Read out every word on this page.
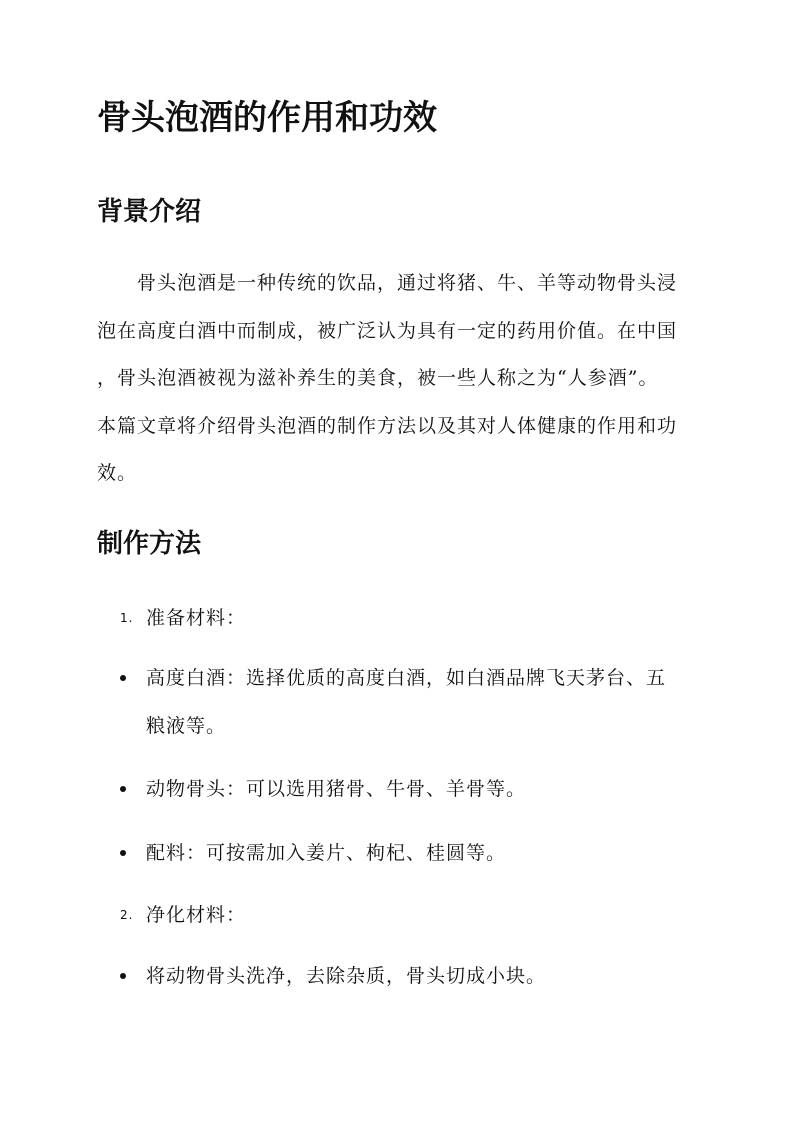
骨头泡酒的作用和功效
背景介绍

　　骨头泡酒是一种传统的饮品，通过将猪、牛、羊等动物骨头浸
泡在高度白酒中而制成，被广泛认为具有一定的药用价值。在中国
，骨头泡酒被视为滋补养生的美食，被一些人称之为“人参酒”。
本篇文章将介绍骨头泡酒的制作方法以及其对人体健康的作用和功
效。

制作方法
1. 准备材料：
高度白酒：选择优质的高度白酒，如白酒品牌飞天茅台、五
粮液等。
动物骨头：可以选用猪骨、牛骨、羊骨等。
配料：可按需加入姜片、枸杞、桂圆等。
2. 净化材料：
将动物骨头洗净，去除杂质，骨头切成小块。
